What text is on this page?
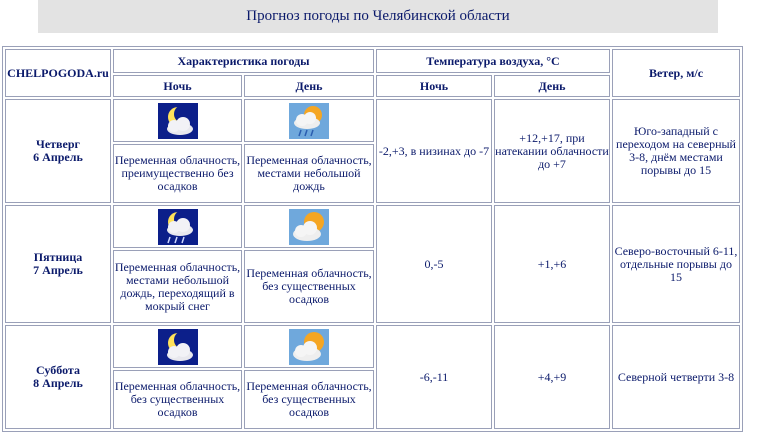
Прогноз погоды по Челябинской области
CHELPOGODA.ru	Характеристика погоды		Температура воздуха, °С		Ветер, м/с
	Ночь	День	Ночь	День	
Четверг
6 Апрель			-2,+3, в низинах до -7	+12,+17, при натекании облачности до +7	Юго-западный с переходом на северный 3-8, днём местами порывы до 15
	Переменная облачность, преимущественно без осадков	Переменная облачность, местами небольшой дождь			
Пятница
7 Апрель			0,-5	+1,+6	Северо-восточный 6-11, отдельные порывы до 15
	Переменная облачность, местами небольшой дождь, переходящий в мокрый снег	Переменная облачность, без существенных осадков			
Суббота
8 Апрель			-6,-11	+4,+9	Северной четверти 3-8
	Переменная облачность, без существенных осадков	Переменная облачность, без существенных осадков			
